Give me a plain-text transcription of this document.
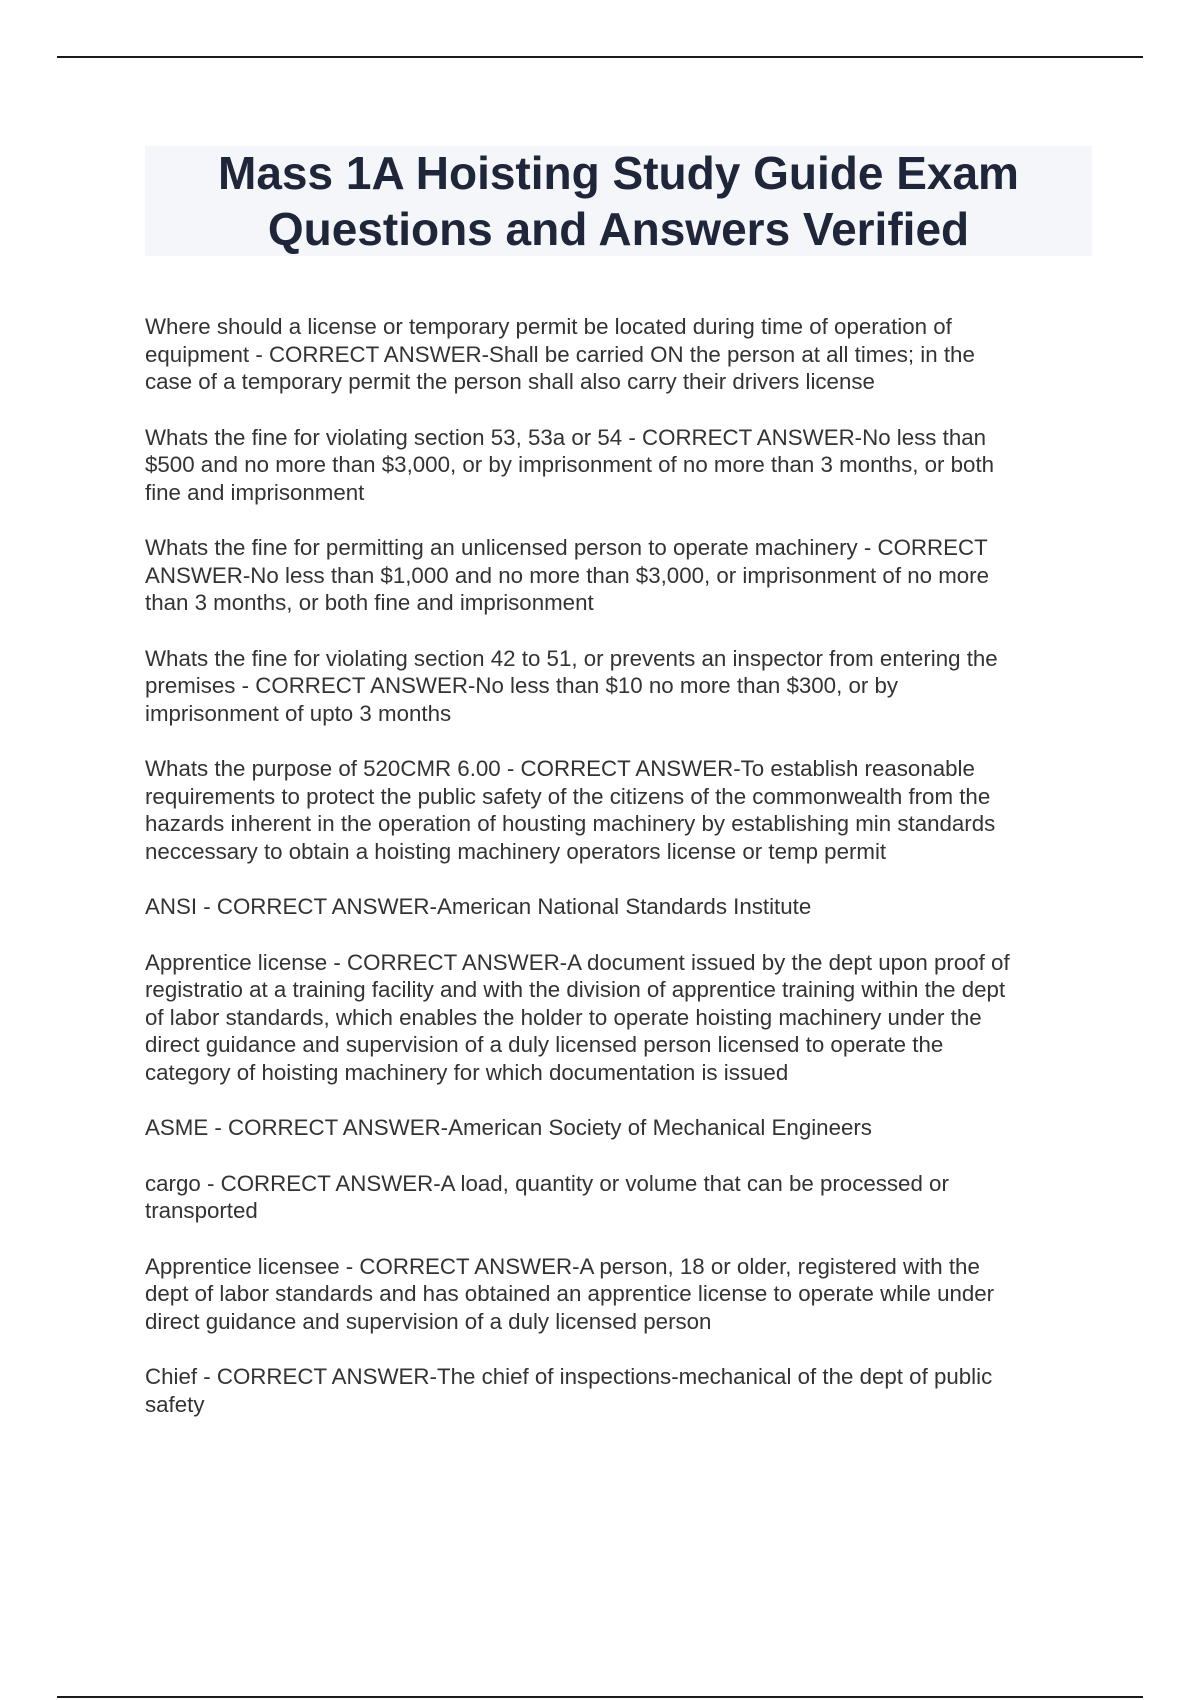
Mass 1A Hoisting Study Guide Exam
Questions and Answers Verified

Where should a license or temporary permit be located during time of operation of
equipment - CORRECT ANSWER-Shall be carried ON the person at all times; in the
case of a temporary permit the person shall also carry their drivers license

Whats the fine for violating section 53, 53a or 54 - CORRECT ANSWER-No less than
$500 and no more than $3,000, or by imprisonment of no more than 3 months, or both
fine and imprisonment

Whats the fine for permitting an unlicensed person to operate machinery - CORRECT
ANSWER-No less than $1,000 and no more than $3,000, or imprisonment of no more
than 3 months, or both fine and imprisonment

Whats the fine for violating section 42 to 51, or prevents an inspector from entering the
premises - CORRECT ANSWER-No less than $10 no more than $300, or by
imprisonment of upto 3 months

Whats the purpose of 520CMR 6.00 - CORRECT ANSWER-To establish reasonable
requirements to protect the public safety of the citizens of the commonwealth from the
hazards inherent in the operation of housting machinery by establishing min standards
neccessary to obtain a hoisting machinery operators license or temp permit

ANSI - CORRECT ANSWER-American National Standards Institute

Apprentice license - CORRECT ANSWER-A document issued by the dept upon proof of
registratio at a training facility and with the division of apprentice training within the dept
of labor standards, which enables the holder to operate hoisting machinery under the
direct guidance and supervision of a duly licensed person licensed to operate the
category of hoisting machinery for which documentation is issued

ASME - CORRECT ANSWER-American Society of Mechanical Engineers

cargo - CORRECT ANSWER-A load, quantity or volume that can be processed or
transported

Apprentice licensee - CORRECT ANSWER-A person, 18 or older, registered with the
dept of labor standards and has obtained an apprentice license to operate while under
direct guidance and supervision of a duly licensed person

Chief - CORRECT ANSWER-The chief of inspections-mechanical of the dept of public
safety
